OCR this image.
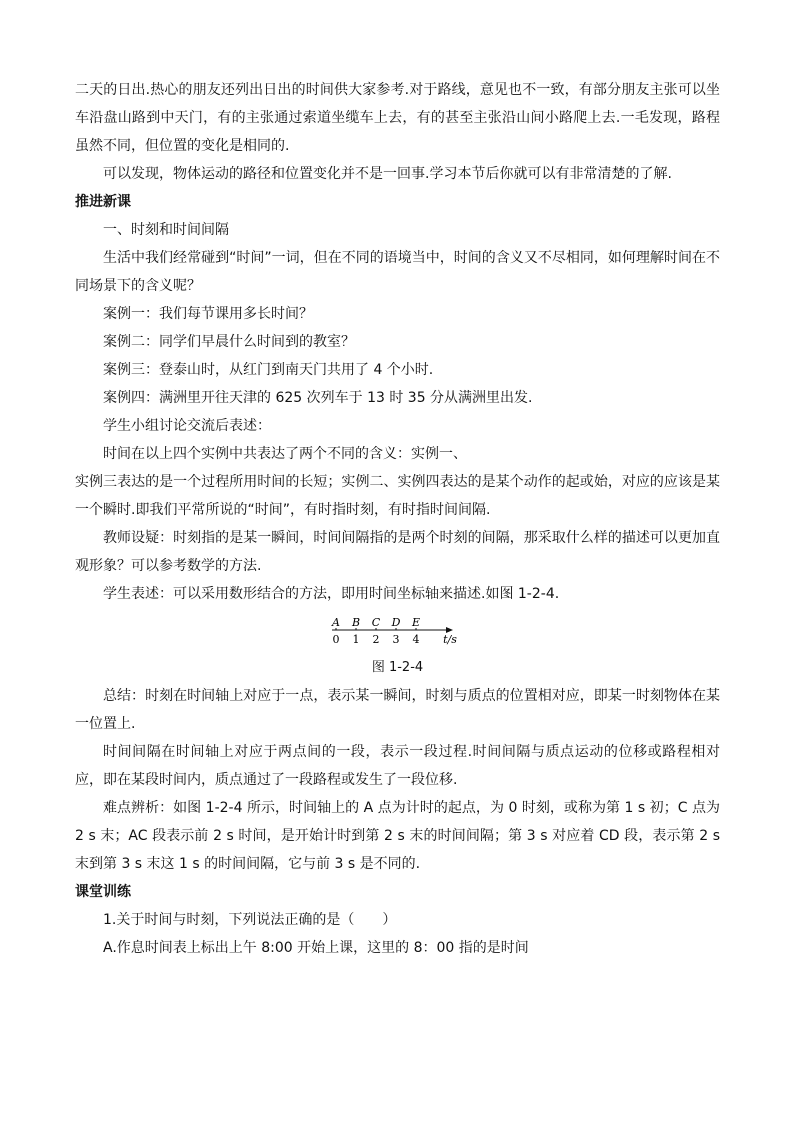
二天的日出.热心的朋友还列出日出的时间供大家参考.对于路线，意见也不一致，有部分朋友主张可以坐车沿盘山路到中天门，有的主张通过索道坐缆车上去，有的甚至主张沿山间小路爬上去.一毛发现，路程虽然不同，但位置的变化是相同的.

可以发现，物体运动的路径和位置变化并不是一回事.学习本节后你就可以有非常清楚的了解.

推进新课

一、时刻和时间间隔

生活中我们经常碰到“时间”一词，但在不同的语境当中，时间的含义又不尽相同，如何理解时间在不同场景下的含义呢？

案例一：我们每节课用多长时间？

案例二：同学们早晨什么时间到的教室？

案例三：登泰山时，从红门到南天门共用了 4 个小时.

案例四：满洲里开往天津的 625 次列车于 13 时 35 分从满洲里出发.

学生小组讨论交流后表述：

时间在以上四个实例中共表达了两个不同的含义：实例一、

实例三表达的是一个过程所用时间的长短；实例二、实例四表达的是某个动作的起或始，对应的应该是某一个瞬时.即我们平常所说的“时间”，有时指时刻，有时指时间间隔.

教师设疑：时刻指的是某一瞬间，时间间隔指的是两个时刻的间隔，那采取什么样的描述可以更加直观形象？可以参考数学的方法.

学生表述：可以采用数形结合的方法，即用时间坐标轴来描述.如图 1-2-4.

A B C D E
0 1 2 3 4 t/s
图 1-2-4

总结：时刻在时间轴上对应于一点，表示某一瞬间，时刻与质点的位置相对应，即某一时刻物体在某一位置上.

时间间隔在时间轴上对应于两点间的一段，表示一段过程.时间间隔与质点运动的位移或路程相对应，即在某段时间内，质点通过了一段路程或发生了一段位移.

难点辨析：如图 1-2-4 所示，时间轴上的 A 点为计时的起点，为 0 时刻，或称为第 1 s 初；C 点为 2 s 末；AC 段表示前 2 s 时间，是开始计时到第 2 s 末的时间间隔；第 3 s 对应着 CD 段，表示第 2 s 末到第 3 s 末这 1 s 的时间间隔，它与前 3 s 是不同的.

课堂训练

1.关于时间与时刻，下列说法正确的是（　　）

A.作息时间表上标出上午 8:00 开始上课，这里的 8：00 指的是时间
